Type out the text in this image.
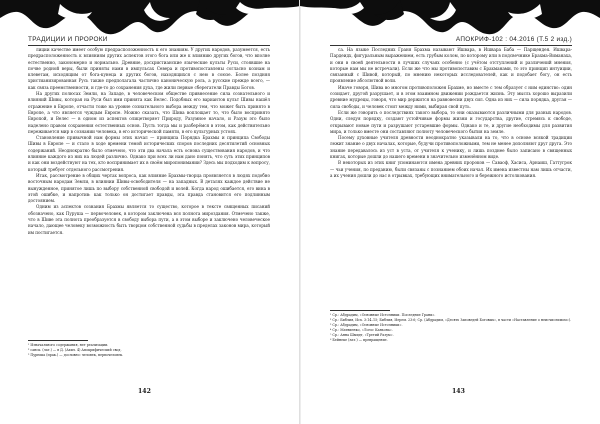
ТРАДИЦИИ И ПРОРОКИ

лиции качестве имеет особую предрасположенность к его знаниям. У других народов, разумеется, есть предрасположенность к влияниям других аспектов этого бога или же к влиянию других богов, что вполне естественно, закономерно и нормально. Древние, досхристианские языческие культы Руси, стоявшие на почве родной веры, были приняты нами в импульсах Севера и противопоставлены согласно кознам и клеветам, исходящим от бога-кунеца и других богов, находящихся с нею в союзе. Более поздняя христианизированная Русь также предполагала частично каноническую роль, а русские прежде всего, — как связь преемственности, и где-то до сохранения духа, где жили первые сберегатели Правды Богов.

На других полюсах Земли, на Западе, в человеческом обществе привнесение сила сознательного и влияний Шивы, которая на Руси был ими принята как Велес. Подобных его вариантов культ Шивы нашёл отражение в Европе, отчасти тоже на уровне сознательного выбора между тем, что может быть принято в Европе, а что является чуждым Европе. Можно сказать, что Шива воплощает то, что было воспринято Европой, и Велес — в одном из аспектов олицетворяет Природу, Разумное начало, и Разум это было наделено правом сохранения естественных основ. Пусть тогда мы и разберёмся в этом, как действительно переживается мир в сознании человека, в его исторической памяти, в его культурных устоях.

Становление привычной нам формы этих начал — принципа Порядка Брахмы и принципа Свободы Шивы в Европе — и стало в ходе времени темой исторических споров последних десятилетий основных содержаний. Неоднократно было отмечено, что эти два начала есть основа существования народов, и что влияние каждого из них на людей различно. Однако при всех ли нам дано понять, что суть этих принципов и как они воздействуют на тех, кто воспринимает их в своём миропонимании? Здесь мы подходим к вопросу, который требует отдельного рассмотрения.

Итак, рассмотрение в общих чертах вопроса, как влияние Брахмы-творца проявляется в людях подобно восточным народам Земли, в влиянии Шивы-освободителя — на западных. В деталях каждое действие не вынужденное, принятое лишь по выбору собственной свободой и волей. Когда народ ошибается, его вина в этой ошибке, и напротив: как только он достигает правды, эта правда становится его подлинным достоянием.

Одним из аспектов сознания Брахмы является то существо, которое в тексте священных писаний обозначено, как Пуруша — первочеловек, в котором заключена вся полнота мироздания. Отмечено также, что в Шиве эта полнота преобразуется в свободу выбора пути, а в этом выборе и заключено человеческое начало, дающее человеку возможность быть творцом собственной судьбы в пределах законов мира, который им постигается.

¹ Изначального содержания, нет реализации.
² санск. (лат.) — в Д. (Ахил. 4) Апокрифический свод.
³ Пурюша (прак.) — дословно: человек, первочеловек.
142
АПОКРИФ-102 : 04.2016 (Т.5 2 изд.)

са. На языке Последних Граня Брахма называют Ишвара, в Ишвара Баба — Парщендея. Ишвара-Пардеидх, фигуральным выражением, есть грубым колом, по которому или в подсвечнике Брахма-Виманаха, и они в своей деятельности в лучших случаях особенно (с учётом отступлений и различений мнения, которые нам мы не встречали). Если же что мы противопоставим с Брахманами, то это принцип интуиции, связанный с Шивой, который, по мнению некоторых исследователей, как и подобает богу, он есть проявление абсолютной воли.

Иначе говоря, Шива во многом противоположен Брахме, но вместе с тем образует с ним единство: один созидает, другой разрушает, и в этом взаимном движении рождается жизнь. Эту мысль хорошо выразили древние мудрецы, говоря, что мир держится на равновесии двух сил. Одна из них — сила порядка, другая — сила свободы, и человек стоит между ними, выбирая свой путь.

Если же говорить о последствиях такого выбора, то они оказываются различными для разных народов. Одни, следуя порядку, создают устойчивые формы жизни и государства, другие, стремясь к свободе, открывают новые пути и разрушают устаревшие формы. Однако и те, и другие необходимы для развития мира, и только вместе они составляют полноту человеческого бытия на земле.

Посему духовные учителя древности неоднократно указывали на то, что в основе всякой традиции лежит знание о двух началах, которые, будучи противоположными, тем не менее дополняют друг друга. Это знание передавалось из уст в уста, от учителя к ученику, и лишь позднее было записано в священных книгах, которые дошли до нашего времени в значительно изменённом виде.

В некоторых из этих книг упоминаются имена древних пророков — Саваоф, Хасиса, Арнаиш, Гаттугрок — чьи учения, по преданию, были связаны с познанием обоих начал. Их имена известны нам лишь отчасти, а их учения дошли до нас в отрывках, требующих внимательного и бережного истолкования.

¹ Ср.: Абдрадим, «Основные Источники. Последние Грани».
² Ср.: Библия, Исх. 3:14–15; Библия, Иерем. 23:6; Ср. (Абдрадим, «Десять Заповедей Боговых», в части «Наставление о неисчислимом»).
³ Ср.: Абдрадим, «Основные Источники».
⁴ Ср.: Матвиенко, «Логос Каньона».
⁵ Ср.: Анна Шмидт, «Третий Разум».
⁶ Бейнеке (лат.) — превращение.
143
